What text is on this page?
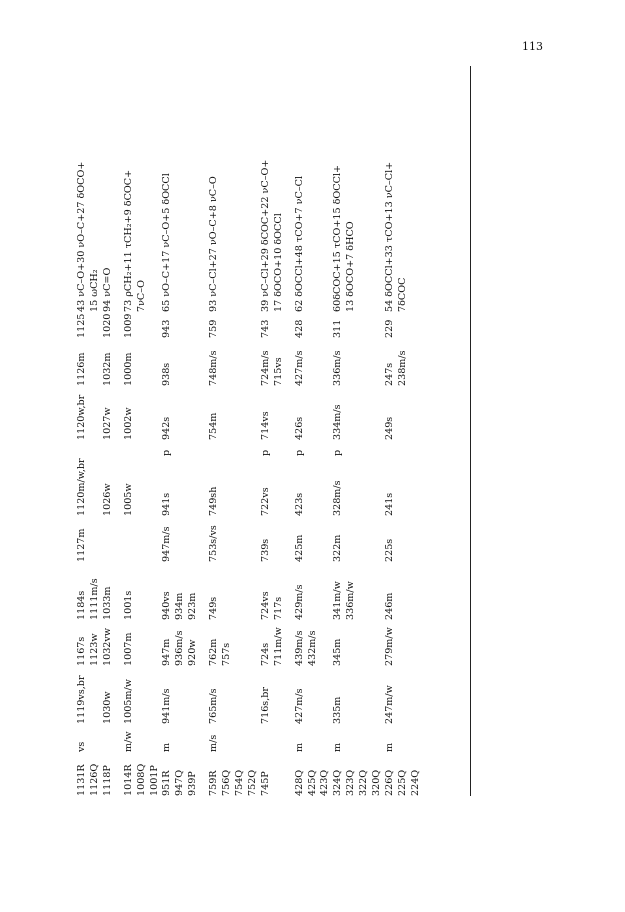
113
1131R	vs	1119vs,br	1167s	1184s	1127m	1120m/w,br		1120w,br	1126m	1125	43 νC–O+30 νO–C+27 δOCO+
1126Q			1123w	1111m/s							15 ωCH₂
1118P		1030w	1032vw	1033m		1026w		1027w	1032m	1020	94 νC=O

1014R	m/w	1005m/w	1007m	1001s		1005w		1002w	1000m	1009	73 ρCH₂+11 τCH₂+9 δCOC+
1008Q											7νC–O
1001P											
951R	m	941m/s	947m	940vs	947m/s	941s	p	942s	938s	943	65 νO–C+17 νC–O+5 δOCCl
947Q			936m/s	934m							
939P			920w	923m							

759R	m/s	765m/s	762m	749s	753s/vs	749sh		754m	748m/s	759	93 νC–Cl+27 νO–C+8 νC–O
756Q			757s								
754Q											
752Q											
745P		716s,br	724s	724vs	739s	722vs	p	714vs	724m/s	743	39 νC–Cl+29 δCOC+22 νC–O+
			711m/w	717s					715vs		17 δOCO+10 δOCCl

428Q	m	427m/s	439m/s	429m/s	425m	423s	p	426s	427m/s	428	62 δOCCl+48 τCO+7 νC–Cl
425Q			432m/s								
423Q											
324Q	m	335m	345m	341m/w	322m	328m/s	p	334m/s	336m/s	311	60δCOC+15 τCO+15 δOCCl+
323Q				336m/w							13 δOCO+7 δHCO
322Q											
320Q											
226Q	m	247m/w	279m/w	246m	225s	241s		249s	247s	229	54 δOCCl+33 τCO+13 νC–Cl+
225Q									238m/s		7δCOC
224Q											
